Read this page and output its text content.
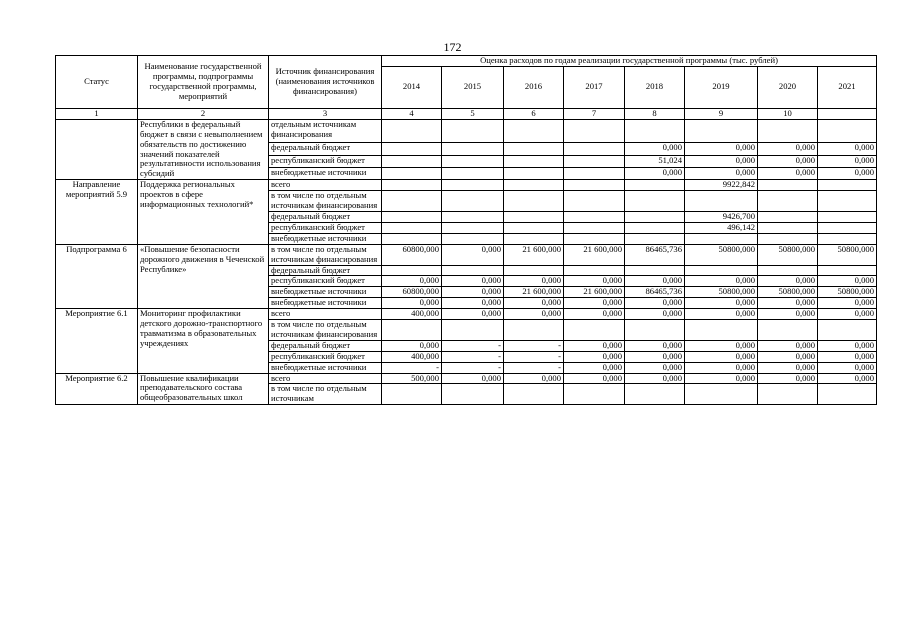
172
Статус	Наименование государственной программы, подпрограммы государственной программы, мероприятий	Источник финансирования (наименования источников финансирования)	Оценка расходов по годам реализации государственной программы (тыс. рублей)							
			2014	2015	2016	2017	2018	2019	2020	2021
1	2	3	4	5	6	7	8	9	10	
	Республики в федеральный бюджет в связи с невыполнением обязательств по достижению значений показателей результативности использования субсидий	отдельным источникам финансирования								
		федеральный бюджет					0,000	0,000	0,000	0,000
		республиканский бюджет					51,024	0,000	0,000	0,000
		внебюджетные источники					0,000	0,000	0,000	0,000
Направление мероприятий 5.9	Поддержка региональных проектов в сфере информационных технологий*	всего						9922,842		
		в том числе по отдельным источникам финансирования								
		федеральный бюджет						9426,700		
		республиканский бюджет						496,142		
		внебюджетные источники								
Подпрограмма 6	«Повышение безопасности дорожного движения в Чеченской Республике»	в том числе по отдельным источникам финансирования	60800,000	0,000	21 600,000	21 600,000	86465,736	50800,000	50800,000	50800,000
		федеральный бюджет								
		республиканский бюджет	0,000	0,000	0,000	0,000	0,000	0,000	0,000	0,000
		внебюджетные источники	60800,000	0,000	21 600,000	21 600,000	86465,736	50800,000	50800,000	50800,000
		внебюджетные источники	0,000	0,000	0,000	0,000	0,000	0,000	0,000	0,000
Мероприятие 6.1	Мониторинг профилактики детского дорожно-транспортного травматизма в образовательных учреждениях	всего	400,000	0,000	0,000	0,000	0,000	0,000	0,000	0,000
		в том числе по отдельным источникам финансирования								
		федеральный бюджет	0,000	-	-	0,000	0,000	0,000	0,000	0,000
		республиканский бюджет	400,000	-	-	0,000	0,000	0,000	0,000	0,000
		внебюджетные источники	-	-	-	0,000	0,000	0,000	0,000	0,000
Мероприятие 6.2	Повышение квалификации преподавательского состава общеобразовательных школ	всего	500,000	0,000	0,000	0,000	0,000	0,000	0,000	0,000
		в том числе по отдельным источникам								
